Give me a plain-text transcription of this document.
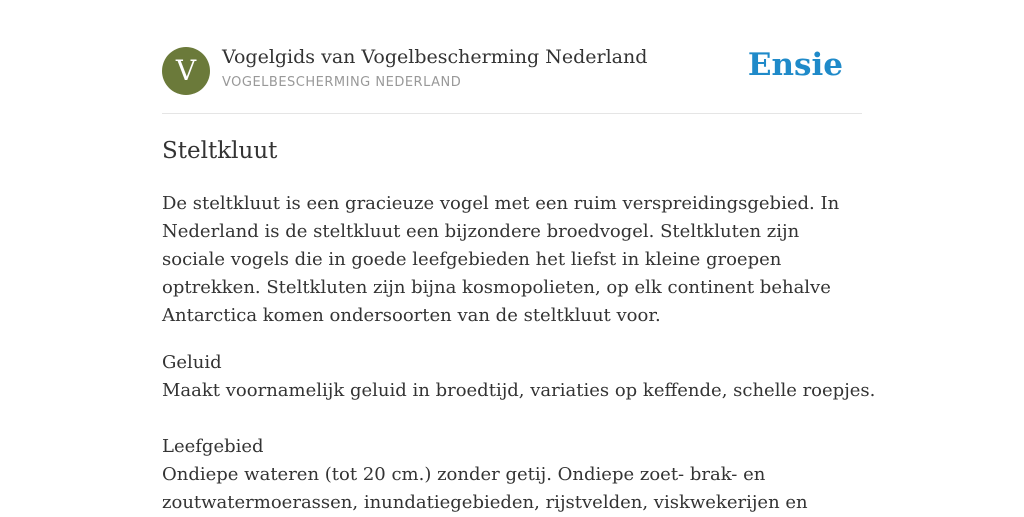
V	Vogelgids van Vogelbescherming Nederland
VOGELBESCHERMING NEDERLAND	Ensie
Steltkluut
De steltkluut is een gracieuze vogel met een ruim verspreidingsgebied. In Nederland is de steltkluut een bijzondere broedvogel. Steltkluten zijn sociale vogels die in goede leefgebieden het liefst in kleine groepen optrekken. Steltkluten zijn bijna kosmopolieten, op elk continent behalve Antarctica komen ondersoorten van de steltkluut voor.
Geluid
Maakt voornamelijk geluid in broedtijd, variaties op keffende, schelle roepjes.
Leefgebied
Ondiepe wateren (tot 20 cm.) zonder getij. Ondiepe zoet- brak- en
zoutwatermoerassen, inundatiegebieden, rijstvelden, viskwekerijen en
